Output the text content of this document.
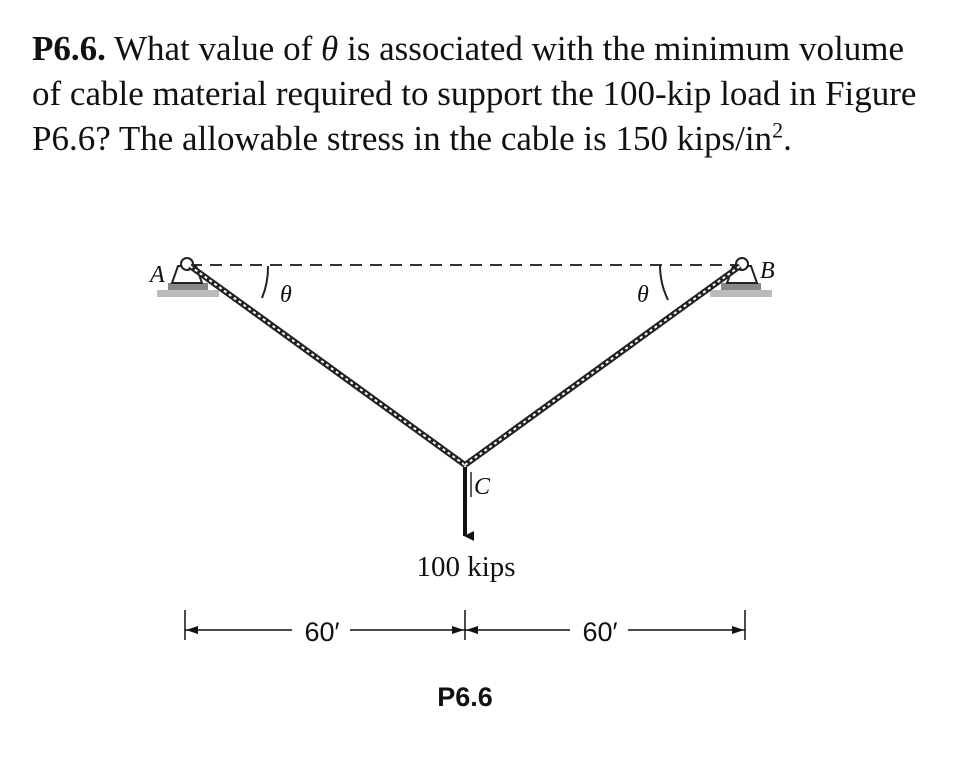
P6.6. What value of θ is associated with the minimum volume of cable material required to support the 100-kip load in Figure P6.6? The allowable stress in the cable is 150 kips/$in^2$.
A	B
θ	θ
C
100 kips
60′	60′
P6.6
